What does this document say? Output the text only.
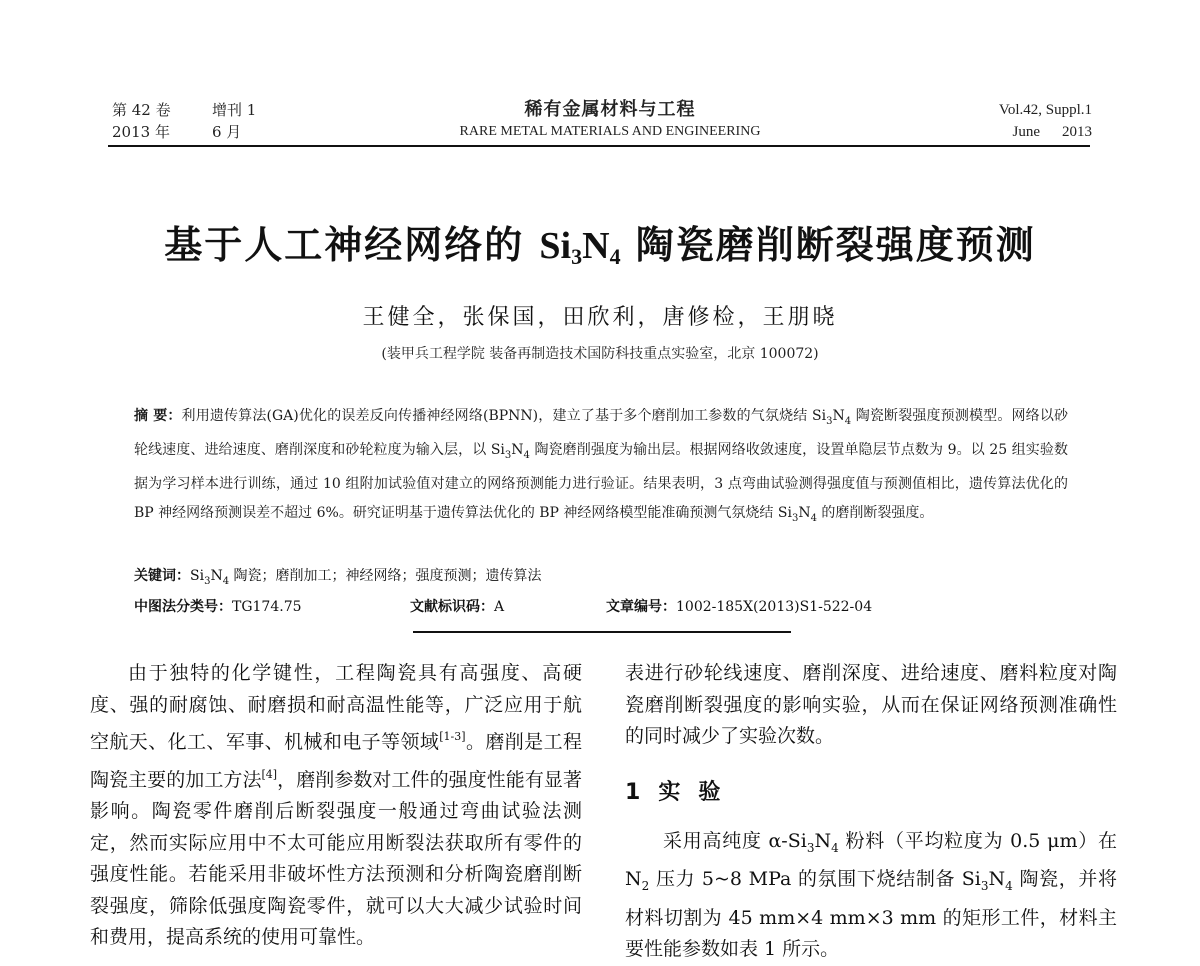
第 42 卷	增刊 1
2013 年	6 月
稀有金属材料与工程
RARE METAL MATERIALS AND ENGINEERING
Vol.42, Suppl.1
June 2013
基于人工神经网络的 $Si_3N_4$ 陶瓷磨削断裂强度预测
王健全，张保国，田欣利，唐修检，王朋晓
(装甲兵工程学院 装备再制造技术国防科技重点实验室，北京 100072)
摘 要：利用遗传算法(GA)优化的误差反向传播神经网络(BPNN)，建立了基于多个磨削加工参数的气氛烧结 $Si_3N_4$ 陶瓷断裂强度预测模型。网络以砂轮线速度、进给速度、磨削深度和砂轮粒度为输入层，以 $Si_3N_4$ 陶瓷磨削强度为输出层。根据网络收敛速度，设置单隐层节点数为 9。以 25 组实验数据为学习样本进行训练，通过 10 组附加试验值对建立的网络预测能力进行验证。结果表明，3 点弯曲试验测得强度值与预测值相比，遗传算法优化的 BP 神经网络预测误差不超过 6%。研究证明基于遗传算法优化的 BP 神经网络模型能准确预测气氛烧结 $Si_3N_4$ 的磨削断裂强度。
关键词：$Si_3N_4$ 陶瓷；磨削加工；神经网络；强度预测；遗传算法
中图法分类号：TG174.75	文献标识码：A	文章编号：1002-185X(2013)S1-522-04

由于独特的化学键性，工程陶瓷具有高强度、高硬度、强的耐腐蚀、耐磨损和耐高温性能等，广泛应用于航空航天、化工、军事、机械和电子等领域[1-3]。磨削是工程陶瓷主要的加工方法[4]，磨削参数对工件的强度性能有显著影响。陶瓷零件磨削后断裂强度一般通过弯曲试验法测定，然而实际应用中不太可能应用断裂法获取所有零件的强度性能。若能采用非破坏性方法预测和分析陶瓷磨削断裂强度，筛除低强度陶瓷零件，就可以大大减少试验时间和费用，提高系统的使用可靠性。

表进行砂轮线速度、磨削深度、进给速度、磨料粒度对陶瓷磨削断裂强度的影响实验，从而在保证网络预测准确性的同时减少了实验次数。

1 实验

采用高纯度 $\alpha-Si_3N_4$ 粉料（平均粒度为 0.5 μm）在 $N_2$ 压力 5~8 MPa 的氛围下烧结制备 $Si_3N_4$ 陶瓷，并将材料切割为 45 mm×4 mm×3 mm 的矩形工件，材料主要性能参数如表 1 所示。
